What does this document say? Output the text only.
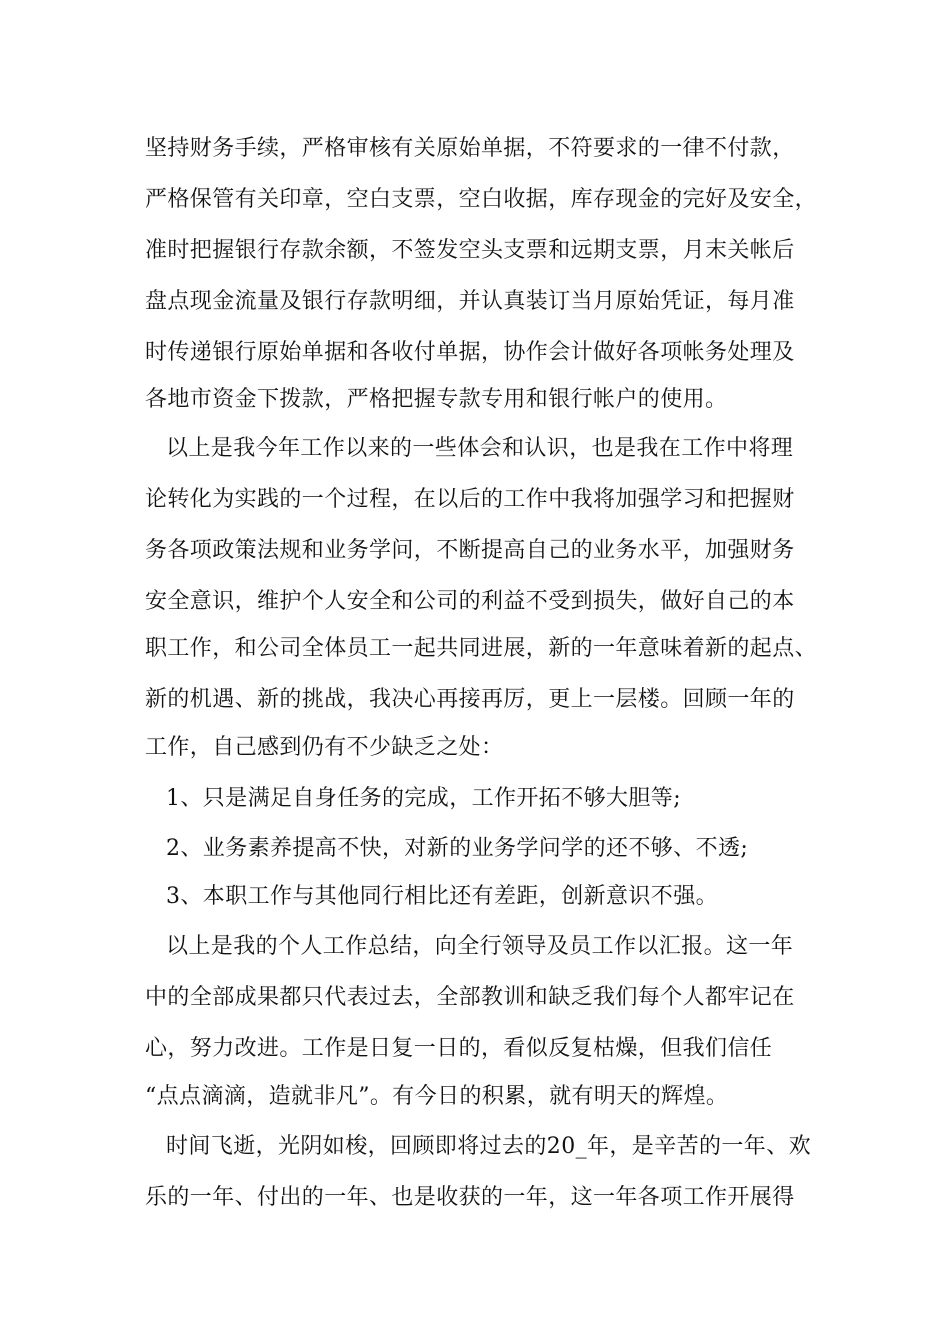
坚持财务手续，严格审核有关原始单据，不符要求的一律不付款，
严格保管有关印章，空白支票，空白收据，库存现金的完好及安全，
准时把握银行存款余额，不签发空头支票和远期支票，月末关帐后
盘点现金流量及银行存款明细，并认真装订当月原始凭证，每月准
时传递银行原始单据和各收付单据，协作会计做好各项帐务处理及
各地市资金下拨款，严格把握专款专用和银行帐户的使用。
以上是我今年工作以来的一些体会和认识，也是我在工作中将理
论转化为实践的一个过程，在以后的工作中我将加强学习和把握财
务各项政策法规和业务学问，不断提高自己的业务水平，加强财务
安全意识，维护个人安全和公司的利益不受到损失，做好自己的本
职工作，和公司全体员工一起共同进展，新的一年意味着新的起点、
新的机遇、新的挑战，我决心再接再厉，更上一层楼。回顾一年的
工作，自己感到仍有不少缺乏之处：
1、只是满足自身任务的完成，工作开拓不够大胆等;
2、业务素养提高不快，对新的业务学问学的还不够、不透;
3、本职工作与其他同行相比还有差距，创新意识不强。
以上是我的个人工作总结，向全行领导及员工作以汇报。这一年
中的全部成果都只代表过去，全部教训和缺乏我们每个人都牢记在
心，努力改进。工作是日复一日的，看似反复枯燥，但我们信任
“点点滴滴，造就非凡”。有今日的积累，就有明天的辉煌。
时间飞逝，光阴如梭，回顾即将过去的20_年，是辛苦的一年、欢
乐的一年、付出的一年、也是收获的一年，这一年各项工作开展得
